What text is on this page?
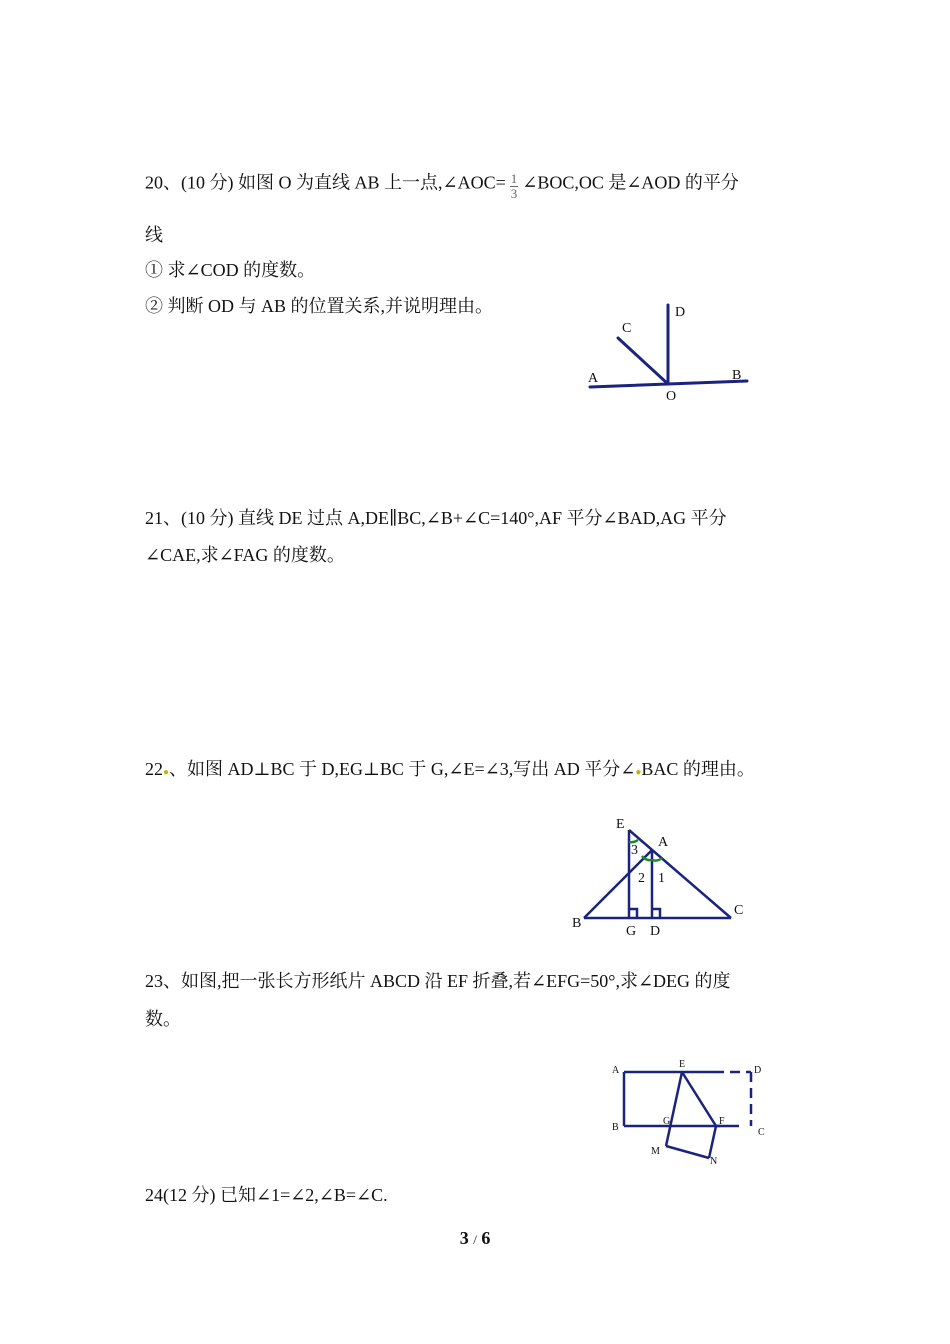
20、(10 分) 如图 O 为直线 AB 上一点,∠AOC= $\frac{1}{3}$ ∠BOC,OC 是∠AOD 的平分
线
① 求∠COD 的度数。
② 判断 OD 与 AB 的位置关系,并说明理由。
A	B
C
D
O
21、(10 分) 直线 DE 过点 A,DE∥BC,∠B+∠C=140°,AF 平分∠BAD,AG 平分
∠CAE,求∠FAG 的度数。
22●、如图 AD⊥BC 于 D,EG⊥BC 于 G,∠E=∠3,写出 AD 平分∠●BAC 的理由。
E
A
B
C
G D
1
2
3
23、如图,把一张长方形纸片 ABCD 沿 EF 折叠,若∠EFG=50°,求∠DEG 的度
数。
A
E
D
B
G	F
C
M
N
24(12 分) 已知∠1=∠2,∠B=∠C.
3 / 6
